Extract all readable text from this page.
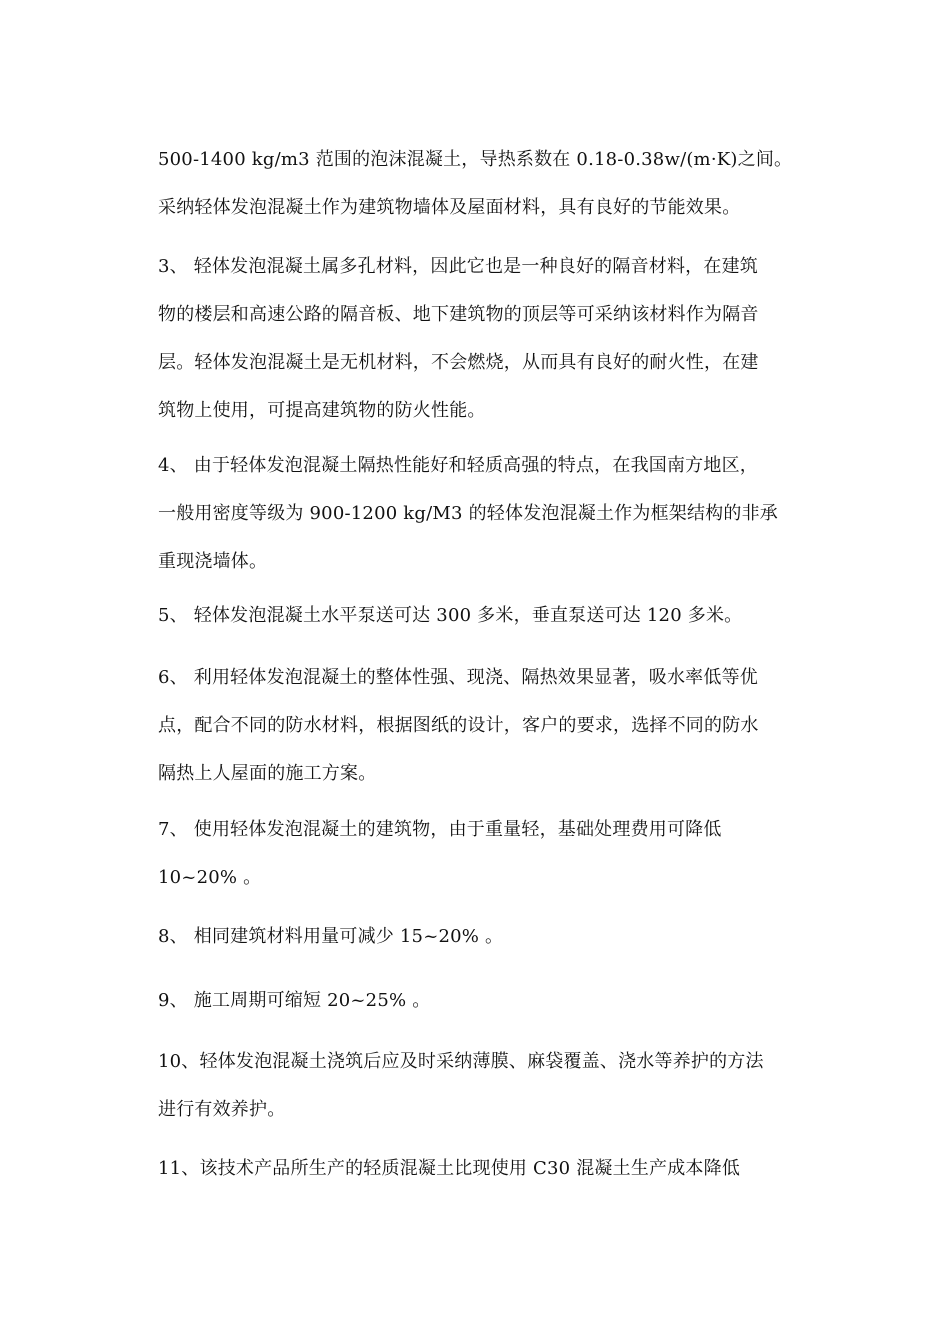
500-1400 kg/m3 范围的泡沫混凝土，导热系数在 0.18-0.38w/(m·K)之间。
采纳轻体发泡混凝土作为建筑物墙体及屋面材料，具有良好的节能效果。

3、 轻体发泡混凝土属多孔材料，因此它也是一种良好的隔音材料，在建筑
物的楼层和高速公路的隔音板、地下建筑物的顶层等可采纳该材料作为隔音
层。轻体发泡混凝土是无机材料，不会燃烧，从而具有良好的耐火性，在建
筑物上使用，可提高建筑物的防火性能。

4、 由于轻体发泡混凝土隔热性能好和轻质高强的特点，在我国南方地区，
一般用密度等级为 900-1200 kg/M3 的轻体发泡混凝土作为框架结构的非承
重现浇墙体。

5、 轻体发泡混凝土水平泵送可达 300 多米，垂直泵送可达 120 多米。

6、 利用轻体发泡混凝土的整体性强、现浇、隔热效果显著，吸水率低等优
点，配合不同的防水材料，根据图纸的设计，客户的要求，选择不同的防水
隔热上人屋面的施工方案。

7、 使用轻体发泡混凝土的建筑物，由于重量轻，基础处理费用可降低
10~20% 。

8、 相同建筑材料用量可减少 15~20% 。

9、 施工周期可缩短 20~25% 。

10、轻体发泡混凝土浇筑后应及时采纳薄膜、麻袋覆盖、浇水等养护的方法
进行有效养护。

11、该技术产品所生产的轻质混凝土比现使用 C30 混凝土生产成本降低
